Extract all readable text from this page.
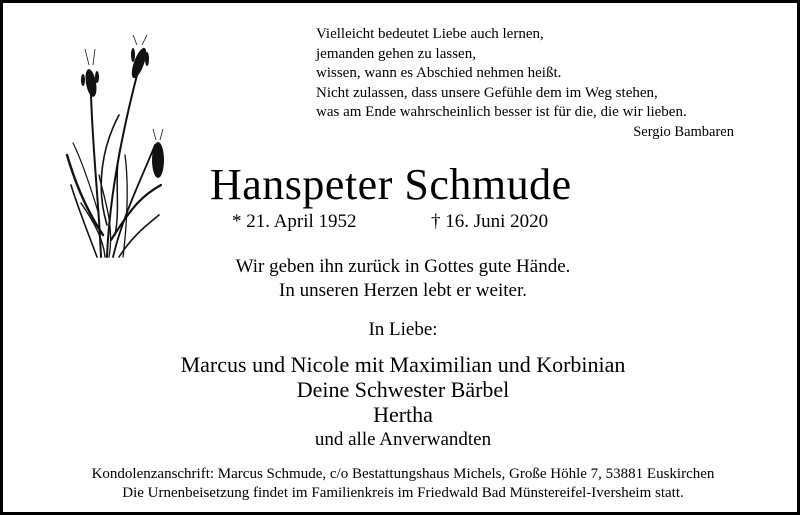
Vielleicht bedeutet Liebe auch lernen,
jemanden gehen zu lassen,
wissen, wann es Abschied nehmen heißt.
Nicht zulassen, dass unsere Gefühle dem im Weg stehen,
was am Ende wahrscheinlich besser ist für die, die wir lieben.
Sergio Bambaren
Hanspeter Schmude
* 21. April 1952	† 16. Juni 2020
Wir geben ihn zurück in Gottes gute Hände.
In unseren Herzen lebt er weiter.
In Liebe:
Marcus und Nicole mit Maximilian und Korbinian
Deine Schwester Bärbel
Hertha
und alle Anverwandten
Kondolenzanschrift: Marcus Schmude, c/o Bestattungshaus Michels, Große Höhle 7, 53881 Euskirchen
Die Urnenbeisetzung findet im Familienkreis im Friedwald Bad Münstereifel-Iversheim statt.
